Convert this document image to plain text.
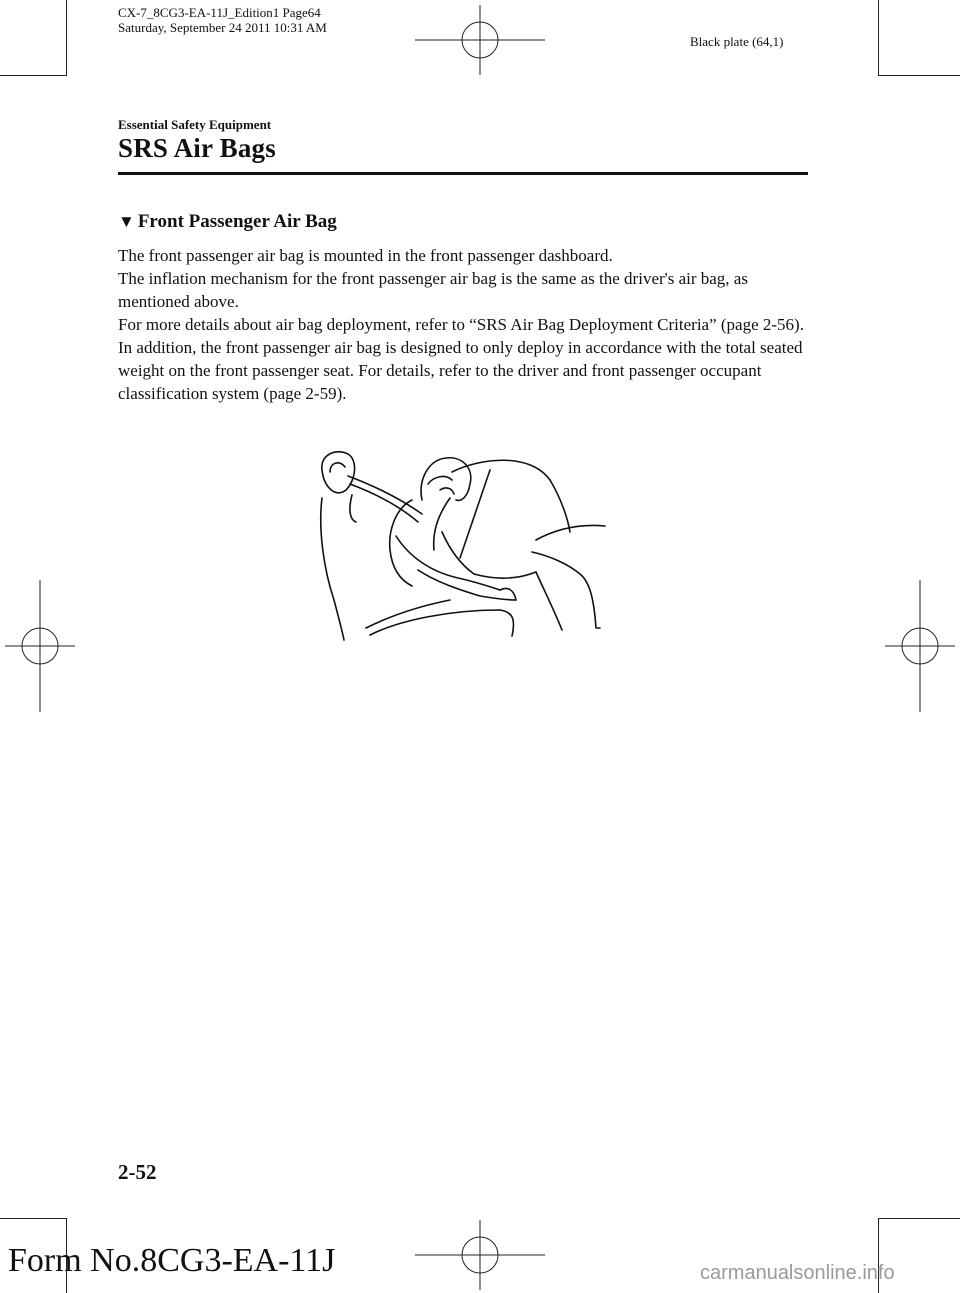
CX-7_8CG3-EA-11J_Edition1 Page64
Saturday, September 24 2011 10:31 AM
Black plate (64,1)
Essential Safety Equipment
SRS Air Bags
▼ Front Passenger Air Bag

The front passenger air bag is mounted in the front passenger dashboard.

The inflation mechanism for the front passenger air bag is the same as the driver's air bag, as mentioned above.

For more details about air bag deployment, refer to “SRS Air Bag Deployment Criteria” (page 2-56).

In addition, the front passenger air bag is designed to only deploy in accordance with the total seated weight on the front passenger seat. For details, refer to the driver and front passenger occupant classification system (page 2-59).

2-52
Form No.8CG3-EA-11J	carmanualsonline.info
